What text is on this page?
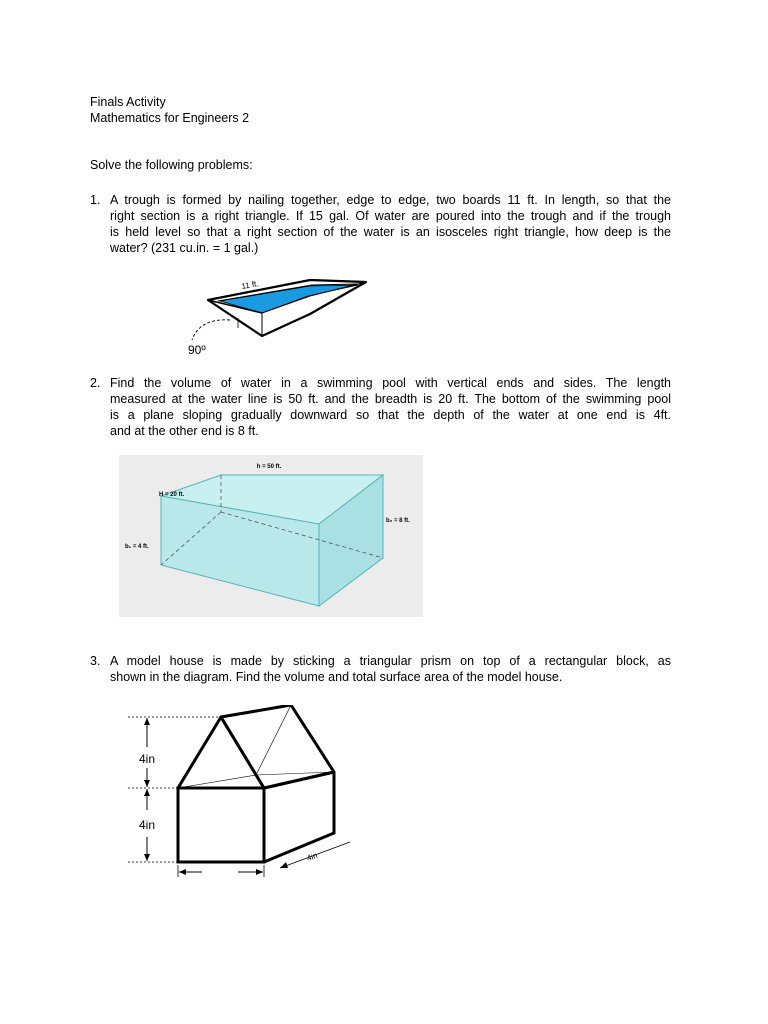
Finals Activity
Mathematics for Engineers 2
Solve the following problems:
1. A trough is formed by nailing together, edge to edge, two boards 11 ft. In length, so that the
right section is a right triangle. If 15 gal. Of water are poured into the trough and if the trough
is held level so that a right section of the water is an isosceles right triangle, how deep is the
water? (231 cu.in. = 1 gal.)
11 ft.
90º
2. Find the volume of water in a swimming pool with vertical ends and sides. The length
measured at the water line is 50 ft. and the breadth is 20 ft. The bottom of the swimming pool
is a plane sloping gradually downward so that the depth of the water at one end is 4ft.
and at the other end is 8 ft.
h = 50 ft.
H = 20 ft.
b₁ = 4 ft.
b₂ = 8 ft.
3. A model house is made by sticking a triangular prism on top of a rectangular block, as
shown in the diagram. Find the volume and total surface area of the model house.
4in
4in
4in
